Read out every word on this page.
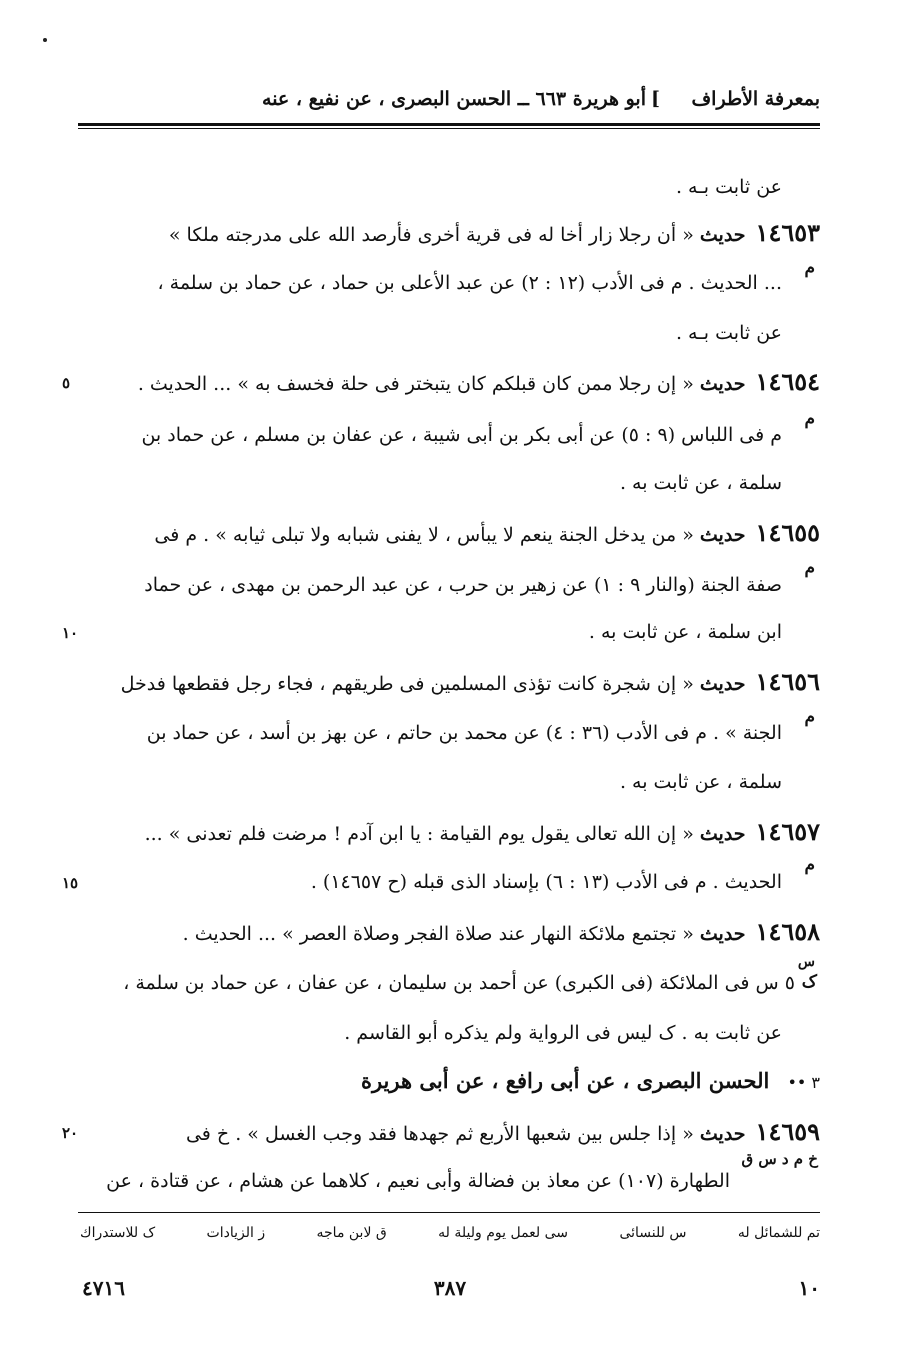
بمعرفة الأطراف
]
أبو هريرة ٦٦٣ ــ الحسن البصرى ، عن نفيع ، عنه
عن ثابت بـه .
١٤٦٥٣حديث « أن رجلا زار أخا له فى قرية أخرى فأرصد الله على مدرجته ملكا »
م
... الحديث . م فى الأدب (١٢ : ٢) عن عبد الأعلى بن حماد ، عن حماد بن سلمة ،
عن ثابت بـه .
١٤٦٥٤حديث « إن رجلا ممن كان قبلكم كان يتبختر فى حلة فخسف به » ... الحديث .
٥
م
م فى اللباس (٩ : ٥) عن أبى بكر بن أبى شيبة ، عن عفان بن مسلم ، عن حماد بن
سلمة ، عن ثابت به .
١٤٦٥٥حديث « من يدخل الجنة ينعم لا يبأس ، لا يفنى شبابه ولا تبلى ثيابه » . م فى
م
صفة الجنة (والنار ٩ : ١) عن زهير بن حرب ، عن عبد الرحمن بن مهدى ، عن حماد
ابن سلمة ، عن ثابت به .
١٠
١٤٦٥٦حديث « إن شجرة كانت تؤذى المسلمين فى طريقهم ، فجاء رجل فقطعها فدخل
م
الجنة » . م فى الأدب (٣٦ : ٤) عن محمد بن حاتم ، عن بهز بن أسد ، عن حماد بن
سلمة ، عن ثابت به .
١٤٦٥٧حديث « إن الله تعالى يقول يوم القيامة : يا ابن آدم ! مرضت فلم تعدنى » ...
م
الحديث . م فى الأدب (١٣ : ٦) بإسناد الذى قبله (ح ١٤٦٥٧) .
١٥
١٤٦٥٨حديث « تجتمع ملائكة النهار عند صلاة الفجر وصلاة العصر » ... الحديث .
س
ک
٥ س فى الملائكة (فى الكبرى) عن أحمد بن سليمان ، عن عفان ، عن حماد بن سلمة ،
عن ثابت به . ک ليس فى الرواية ولم يذكره أبو القاسم .
٣ ••   الحسن البصرى ، عن أبى رافع ، عن أبى هريرة
١٤٦٥٩حديث « إذا جلس بين شعبها الأربع ثم جهدها فقد وجب الغسل » . خ فى
٢٠
خ م د س ق
الطهارة (١٠٧) عن معاذ بن فضالة وأبى نعيم ، كلاهما عن هشام ، عن قتادة ، عن
تم للشمائل له
س للنسائى
سى لعمل يوم وليلة له
ق لابن ماجه
ز الزيادات
ک للاستدراك
١٠
٣٨٧
٤٧١٦
